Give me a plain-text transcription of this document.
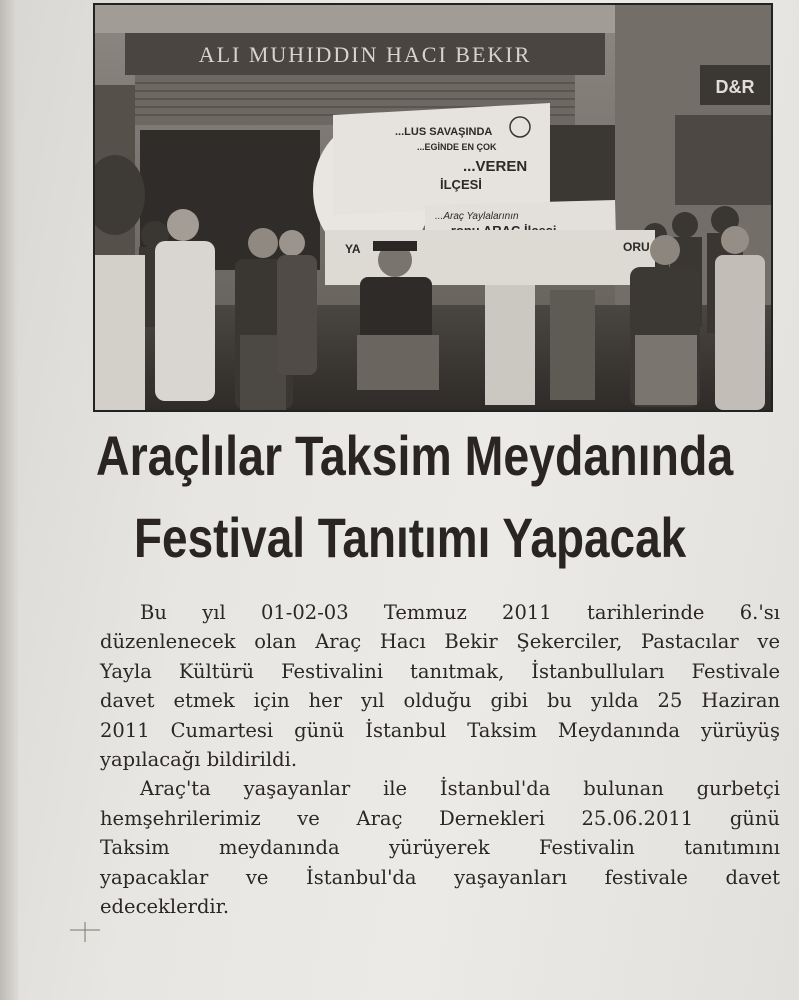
ALI MUHIDDIN HACI BEKIR
D&R
...LUS SAVAŞINDA
...EGİNDE EN ÇOK
...VEREN
İLÇESİ
...Araç Yaylalarının
YA	ORU
Araçlılar Taksim Meydanında
Festival Tanıtımı Yapacak

Bu yıl 01-02-03 Temmuz 2011 tarihlerinde 6.'sı
düzenlenecek olan Araç Hacı Bekir Şekerciler, Pastacılar ve
Yayla Kültürü Festivalini tanıtmak, İstanbulluları Festivale
davet etmek için her yıl olduğu gibi bu yılda 25 Haziran
2011 Cumartesi günü İstanbul Taksim Meydanında yürüyüş
yapılacağı bildirildi.

Araç'ta yaşayanlar ile İstanbul'da bulunan gurbetçi
hemşehrilerimiz ve Araç Dernekleri 25.06.2011 günü
Taksim meydanında yürüyerek Festivalin tanıtımını
yapacaklar ve İstanbul'da yaşayanları festivale davet
edeceklerdir.
